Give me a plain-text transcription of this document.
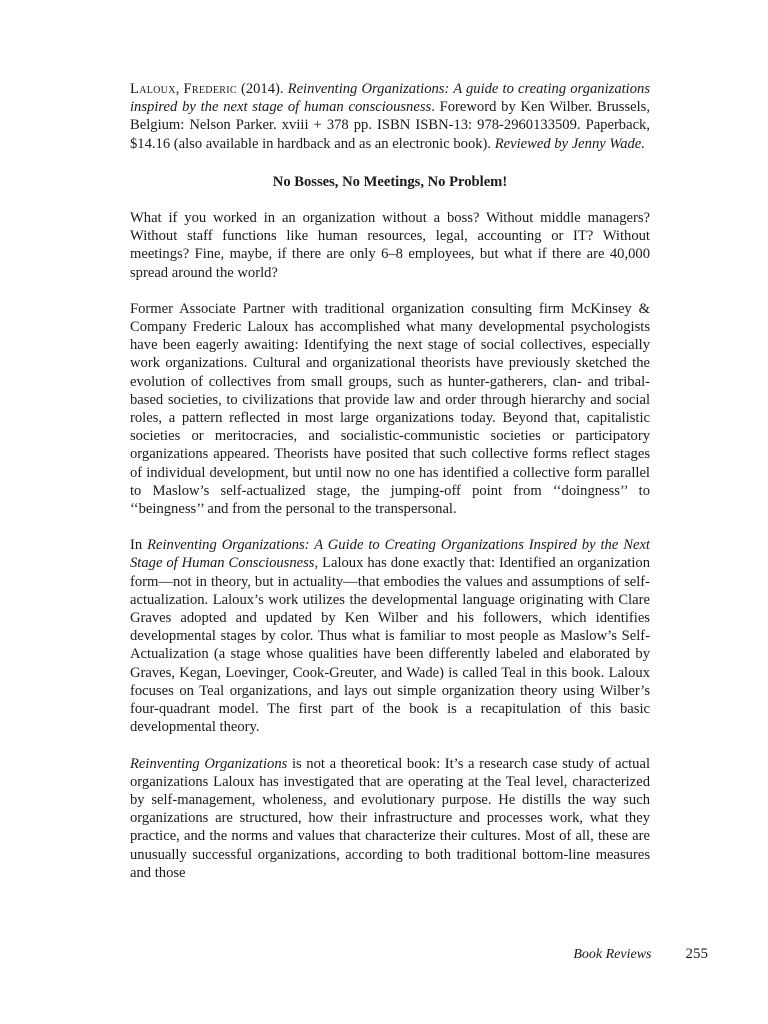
Laloux, Frederic (2014). Reinventing Organizations: A guide to creating organizations inspired by the next stage of human consciousness. Foreword by Ken Wilber. Brussels, Belgium: Nelson Parker. xviii + 378 pp. ISBN ISBN-13: 978-2960133509. Paperback, $14.16 (also available in hardback and as an electronic book). Reviewed by Jenny Wade.

No Bosses, No Meetings, No Problem!

What if you worked in an organization without a boss? Without middle managers? Without staff functions like human resources, legal, accounting or IT? Without meetings? Fine, maybe, if there are only 6–8 employees, but what if there are 40,000 spread around the world?

Former Associate Partner with traditional organization consulting firm McKinsey & Company Frederic Laloux has accomplished what many developmental psychologists have been eagerly awaiting: Identifying the next stage of social collectives, especially work organizations. Cultural and organizational theorists have previously sketched the evolution of collectives from small groups, such as hunter-gatherers, clan- and tribal-based societies, to civilizations that provide law and order through hierarchy and social roles, a pattern reflected in most large organizations today. Beyond that, capitalistic societies or meritocracies, and socialistic-communistic societies or participatory organizations appeared. Theorists have posited that such collective forms reflect stages of individual development, but until now no one has identified a collective form parallel to Maslow’s self-actualized stage, the jumping-off point from ‘‘doingness’’ to ‘‘beingness’’ and from the personal to the transpersonal.

In Reinventing Organizations: A Guide to Creating Organizations Inspired by the Next Stage of Human Consciousness, Laloux has done exactly that: Identified an organization form—not in theory, but in actuality—that embodies the values and assumptions of self-actualization. Laloux’s work utilizes the developmental language originating with Clare Graves adopted and updated by Ken Wilber and his followers, which identifies developmental stages by color. Thus what is familiar to most people as Maslow’s Self-Actualization (a stage whose qualities have been differently labeled and elaborated by Graves, Kegan, Loevinger, Cook-Greuter, and Wade) is called Teal in this book. Laloux focuses on Teal organizations, and lays out simple organization theory using Wilber’s four-quadrant model. The first part of the book is a recapitulation of this basic developmental theory.

Reinventing Organizations is not a theoretical book: It’s a research case study of actual organizations Laloux has investigated that are operating at the Teal level, characterized by self-management, wholeness, and evolutionary purpose. He distills the way such organizations are structured, how their infrastructure and processes work, what they practice, and the norms and values that characterize their cultures. Most of all, these are unusually successful organizations, according to both traditional bottom-line measures and those

Book Reviews 255
